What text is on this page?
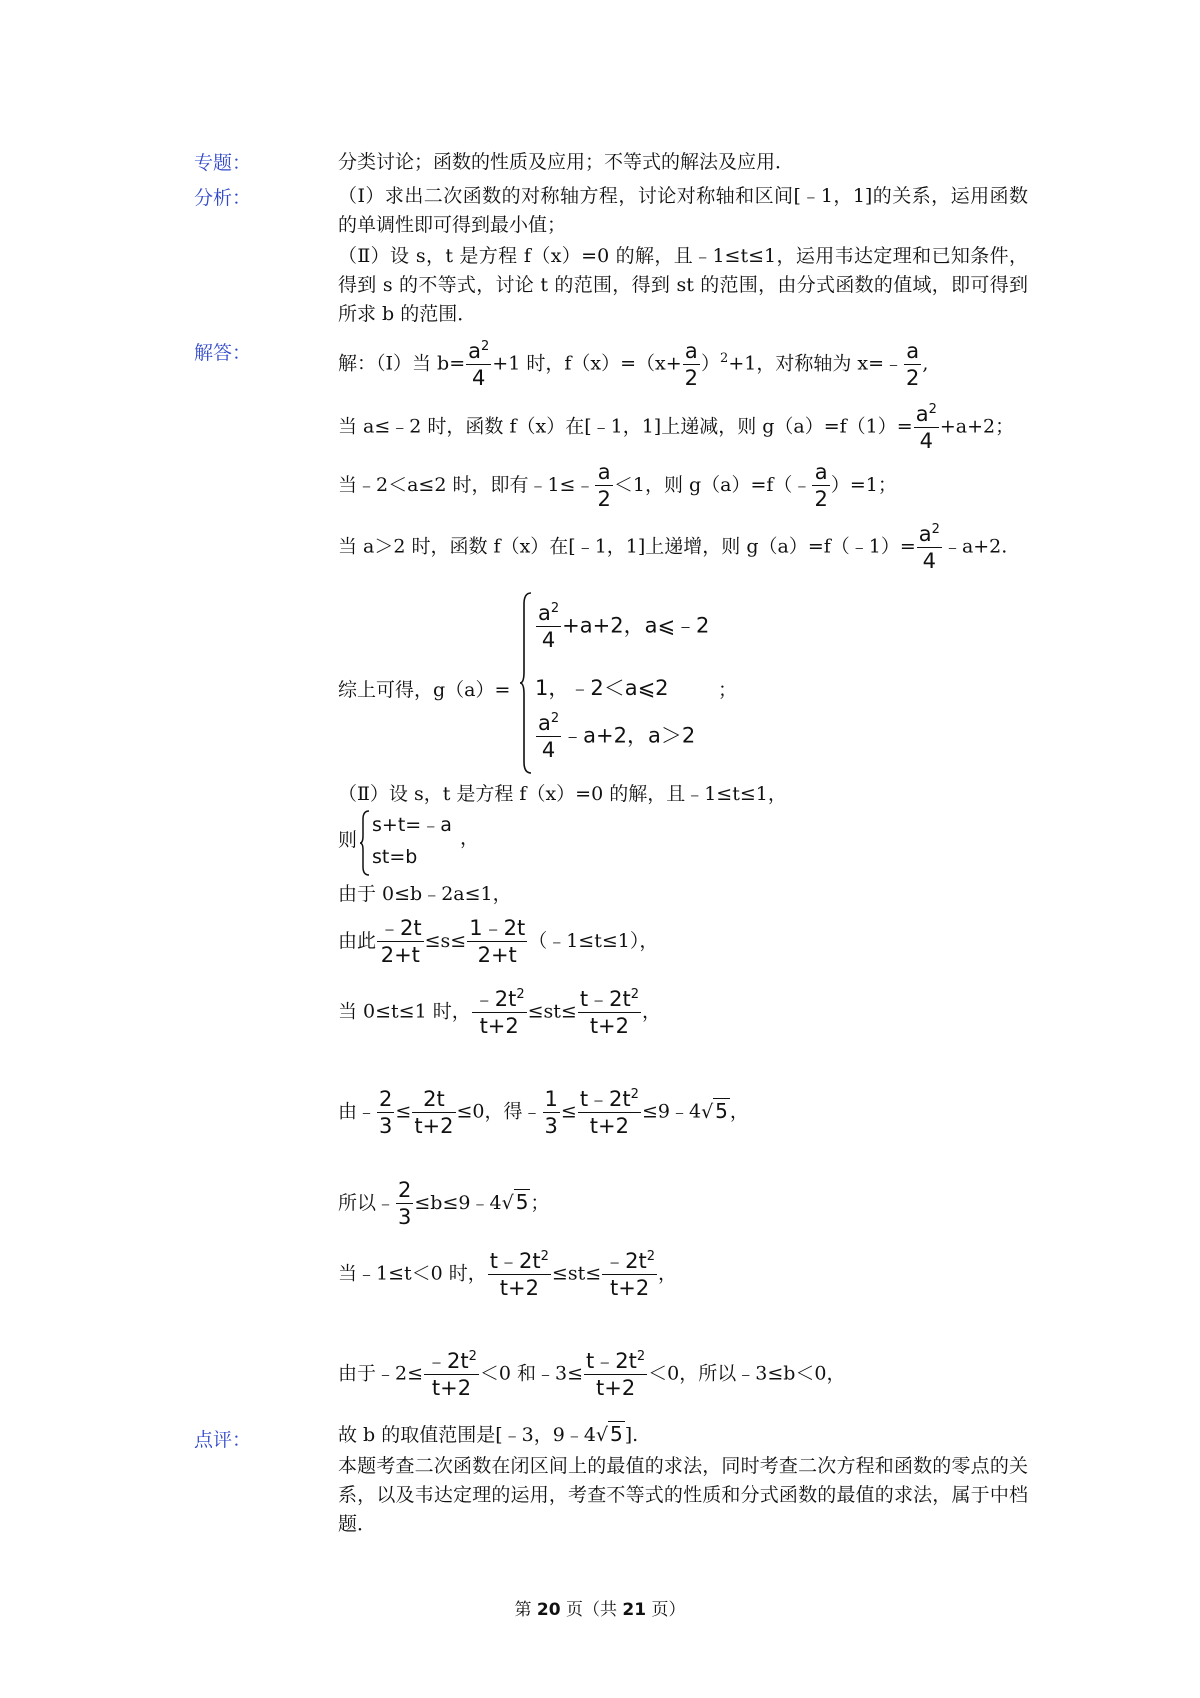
专题：
分析：
解答：
点评：
分类讨论；函数的性质及应用；不等式的解法及应用．
（Ⅰ）求出二次函数的对称轴方程，讨论对称轴和区间[﹣1，1]的关系，运用函数的单调性即可得到最小值；
（Ⅱ）设 s，t 是方程 f（x）=0 的解，且﹣1≤t≤1，运用韦达定理和已知条件，得到 s 的不等式，讨论 t 的范围，得到 st 的范围，由分式函数的值域，即可得到所求 b 的范围．
解：（Ⅰ）当 $b= \frac{a^2}{4} +1$ 时，$f(x)=(x+ \frac{a}{2} )^2+1$，对称轴为 x=﹣ $\frac{a}{2}$ ,
当 a≤﹣2 时，函数 f（x）在[﹣1，1]上递减，则 $g(a)=f(1)= \frac{a^2}{4} +a+2$；
当﹣2＜a≤2 时，即有﹣1≤﹣ $\frac{a}{2} <1$，则 g（a）=f（﹣ $\frac{a}{2} )=1$；
当 a＞2 时，函数 f（x）在[﹣1，1]上递增，则 g（a）=f（﹣1）= $\frac{a^2}{4}$ ﹣a+2.
综上可得，g（a）=
$\frac{a^2}{4} +a+2$，a⩽﹣2
1，﹣2＜a⩽2
$\frac{a^2}{4}$ ﹣a+2，a＞2
；
（Ⅱ）设 s，t 是方程 f（x）=0 的解，且﹣1≤t≤1，
则
s+t=﹣a
st=b
，
由于 0≤b﹣2a≤1，
由此 $\frac{﹣2t}{2+t} \le s\le \frac{1﹣2t}{2+t}$ （﹣1≤t≤1），
当 0≤t≤1 时， $\frac{﹣2t^2}{t+2} \le st\le \frac{t﹣2t^2}{t+2}$ ，
由﹣ $\frac{2}{3} \le \frac{2t}{t+2} \le 0$，得﹣ $\frac{1}{3} \le \frac{t﹣2t^2}{t+2}$ ≤9﹣4√ 5 ，
所以﹣ $\frac{2}{3}$ ≤b≤9﹣4√ 5 ；
当﹣1≤t＜0 时， $\frac{t﹣2t^2}{t+2} \le st\le \frac{﹣2t^2}{t+2}$ ，
由于﹣2≤ $\frac{﹣2t^2}{t+2} <0$ 和﹣3≤ $\frac{t﹣2t^2}{t+2} <0$，所以﹣3≤b＜0，
故 b 的取值范围是[﹣3，9﹣4√ 5 ].
本题考查二次函数在闭区间上的最值的求法，同时考查二次方程和函数的零点的关系，以及韦达定理的运用，考查不等式的性质和分式函数的最值的求法，属于中档题．
第 20 页（共 21 页）
